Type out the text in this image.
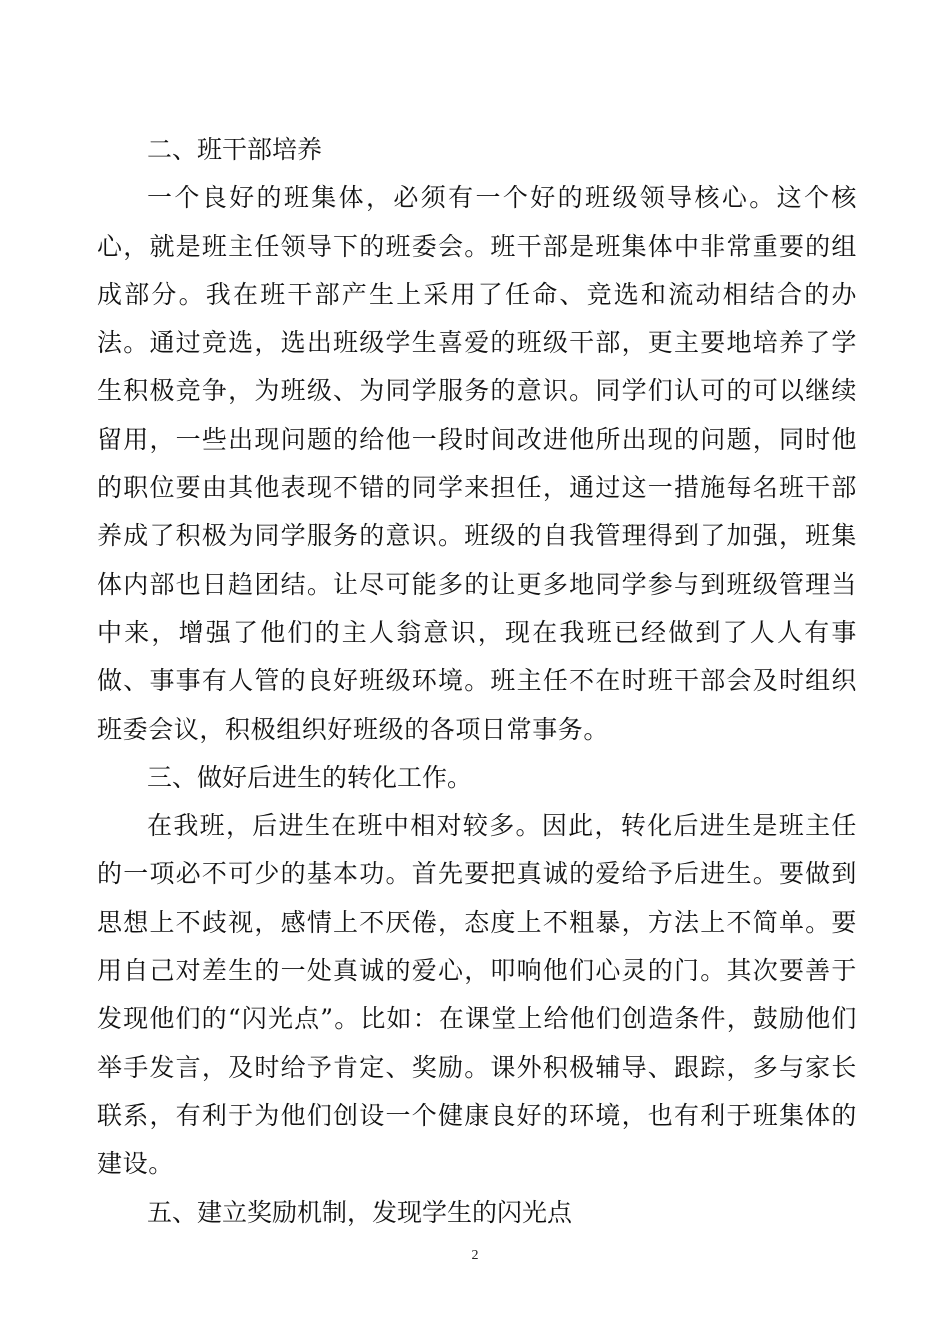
二、班干部培养

一个良好的班集体，必须有一个好的班级领导核心。这个核心，就是班主任领导下的班委会。班干部是班集体中非常重要的组成部分。我在班干部产生上采用了任命、竞选和流动相结合的办法。通过竞选，选出班级学生喜爱的班级干部，更主要地培养了学生积极竞争，为班级、为同学服务的意识。同学们认可的可以继续留用，一些出现问题的给他一段时间改进他所出现的问题，同时他的职位要由其他表现不错的同学来担任，通过这一措施每名班干部养成了积极为同学服务的意识。班级的自我管理得到了加强，班集体内部也日趋团结。让尽可能多的让更多地同学参与到班级管理当中来，增强了他们的主人翁意识，现在我班已经做到了人人有事做、事事有人管的良好班级环境。班主任不在时班干部会及时组织班委会议，积极组织好班级的各项日常事务。

三、做好后进生的转化工作。

在我班，后进生在班中相对较多。因此，转化后进生是班主任的一项必不可少的基本功。首先要把真诚的爱给予后进生。要做到思想上不歧视，感情上不厌倦，态度上不粗暴，方法上不简单。要用自己对差生的一处真诚的爱心，叩响他们心灵的门。其次要善于发现他们的“闪光点”。比如：在课堂上给他们创造条件，鼓励他们举手发言，及时给予肯定、奖励。课外积极辅导、跟踪，多与家长联系，有利于为他们创设一个健康良好的环境，也有利于班集体的建设。

五、建立奖励机制，发现学生的闪光点

2
